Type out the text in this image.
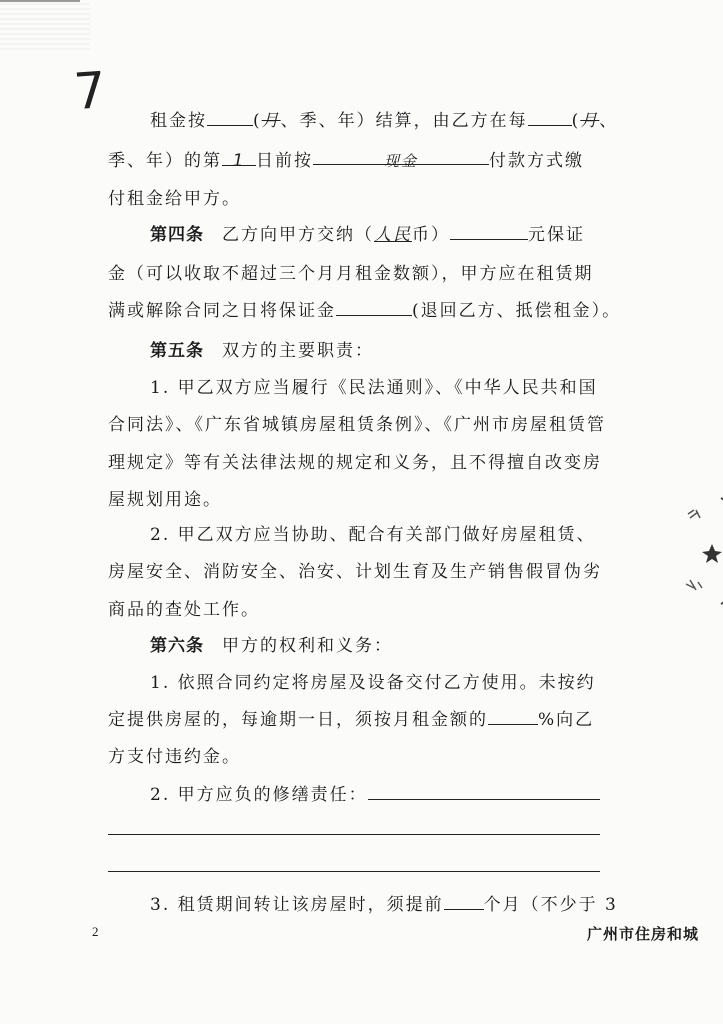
7 租金按	(月、季、年）结算，由乙方在每	(月、
季、年）的第 1 日前按	现金	付款方式缴
付租金给甲方。
第四条 乙方向甲方交纳（人民币）	元保证
金（可以收取不超过三个月月租金数额），甲方应在租赁期
满或解除合同之日将保证金	(退回乙方、抵偿租金）。
第五条 双方的主要职责：
1. 甲乙双方应当履行《民法通则》、《中华人民共和国
合同法》、《广东省城镇房屋租赁条例》、《广州市房屋租赁管
理规定》等有关法律法规的规定和义务，且不得擅自改变房
屋规划用途。
2. 甲乙双方应当协助、配合有关部门做好房屋租赁、
房屋安全、消防安全、治安、计划生育及生产销售假冒伪劣
商品的查处工作。
第六条 甲方的权利和义务：
1. 依照合同约定将房屋及设备交付乙方使用。未按约
定提供房屋的，每逾期一日，须按月租金额的	%向乙
方支付违约金。
2. 甲方应负的修缮责任：
3. 租赁期间转让该房屋时，须提前 个月（不少于 3
2	广州市住房和城
